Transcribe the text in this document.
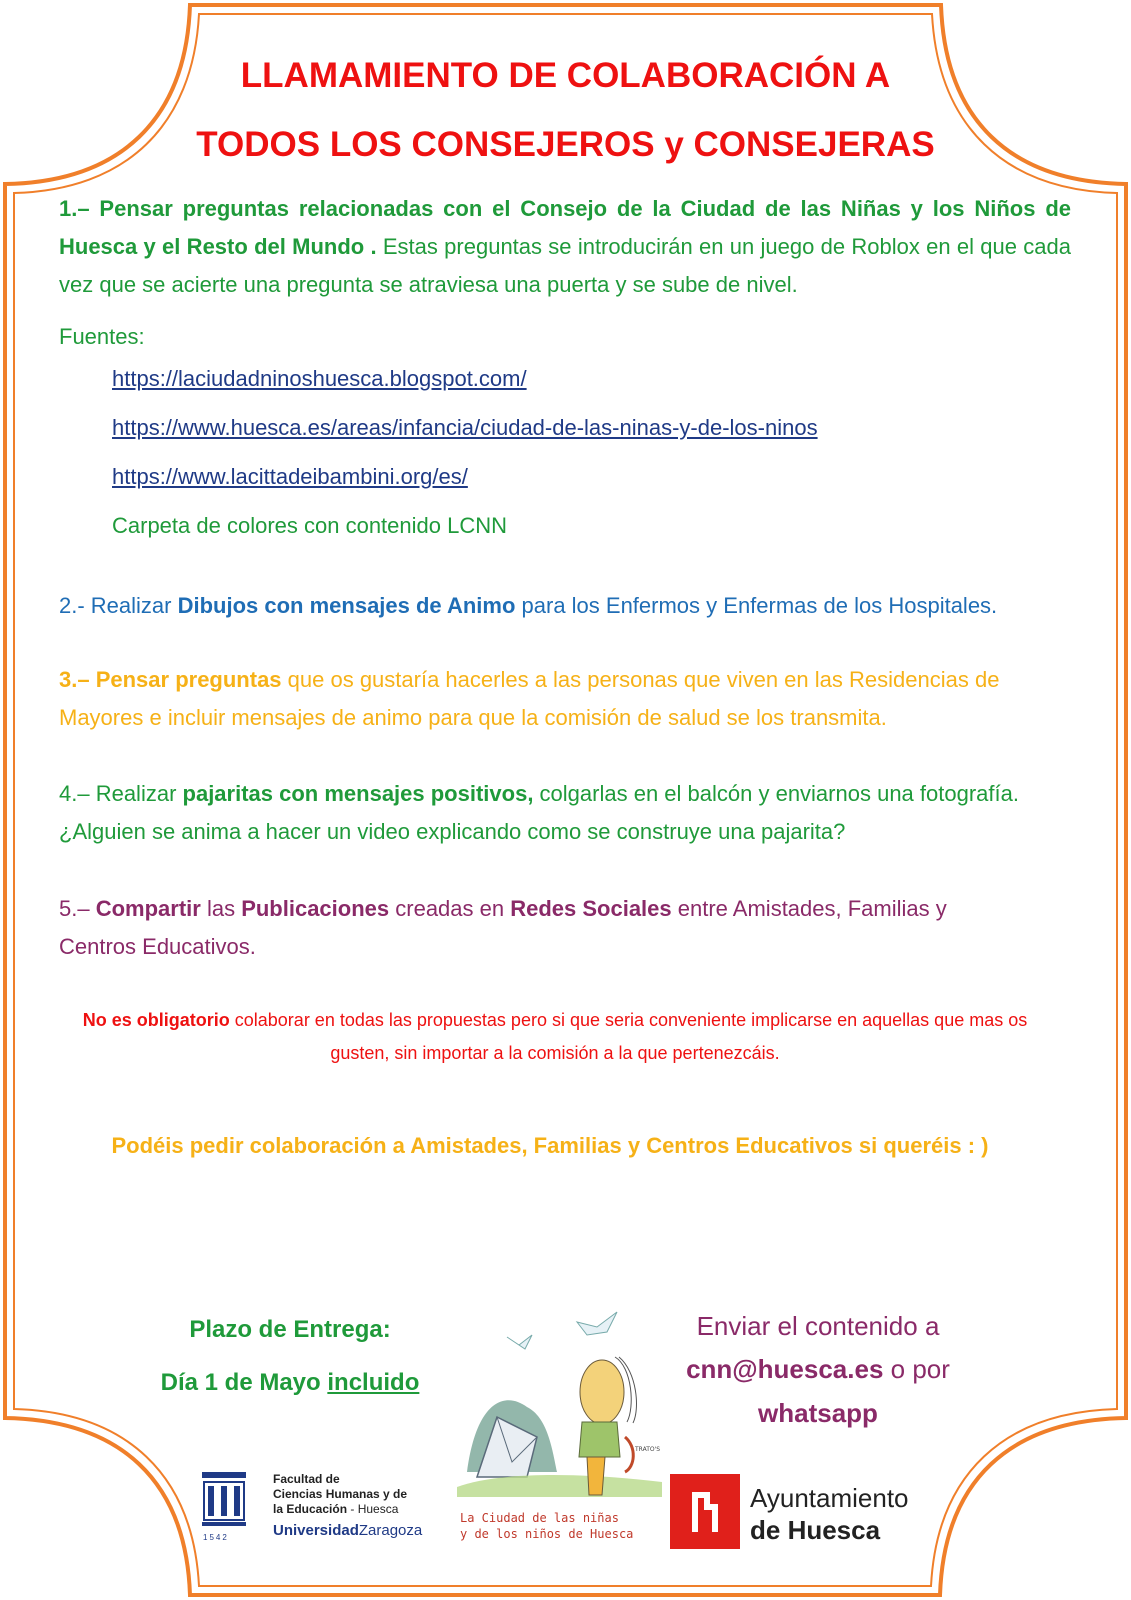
LLAMAMIENTO DE COLABORACIÓN A
TODOS LOS CONSEJEROS y CONSEJERAS
1.– Pensar preguntas relacionadas con el Consejo de la Ciudad de las Niñas y los Niños de Huesca y el Resto del Mundo . Estas preguntas se introducirán en un juego de Roblox en el que cada vez que se acierte una pregunta se atraviesa una puerta y se sube de nivel.
Fuentes:
https://laciudadninoshuesca.blogspot.com/
https://www.huesca.es/areas/infancia/ciudad-de-las-ninas-y-de-los-ninos
https://www.lacittadeibambini.org/es/
Carpeta de colores con contenido LCNN
2.- Realizar Dibujos con mensajes de Animo para los Enfermos y Enfermas de los Hospitales.
3.– Pensar preguntas que os gustaría hacerles a las personas que viven en las Residencias de Mayores e incluir mensajes de animo para que la comisión de salud se los transmita.
4.– Realizar pajaritas con mensajes positivos, colgarlas en el balcón y enviarnos una fotografía. ¿Alguien se anima a hacer un video explicando como se construye una pajarita?
5.– Compartir las Publicaciones creadas en Redes Sociales entre Amistades, Familias y Centros Educativos.
No es obligatorio colaborar en todas las propuestas pero si que seria conveniente implicarse en aquellas que mas os gusten, sin importar a la comisión a la que pertenezcáis.
Podéis pedir colaboración a Amistades, Familias y Centros Educativos si queréis : )
Plazo de Entrega:
Día 1 de Mayo incluido
Enviar el contenido a
cnn@huesca.es o por
whatsapp
TRATO'S
La Ciudad de las niñas
y de los niños de Huesca
1542
Facultad de
Ciencias Humanas y de
la Educación - Huesca
UniversidadZaragoza
Ayuntamiento
de Huesca
